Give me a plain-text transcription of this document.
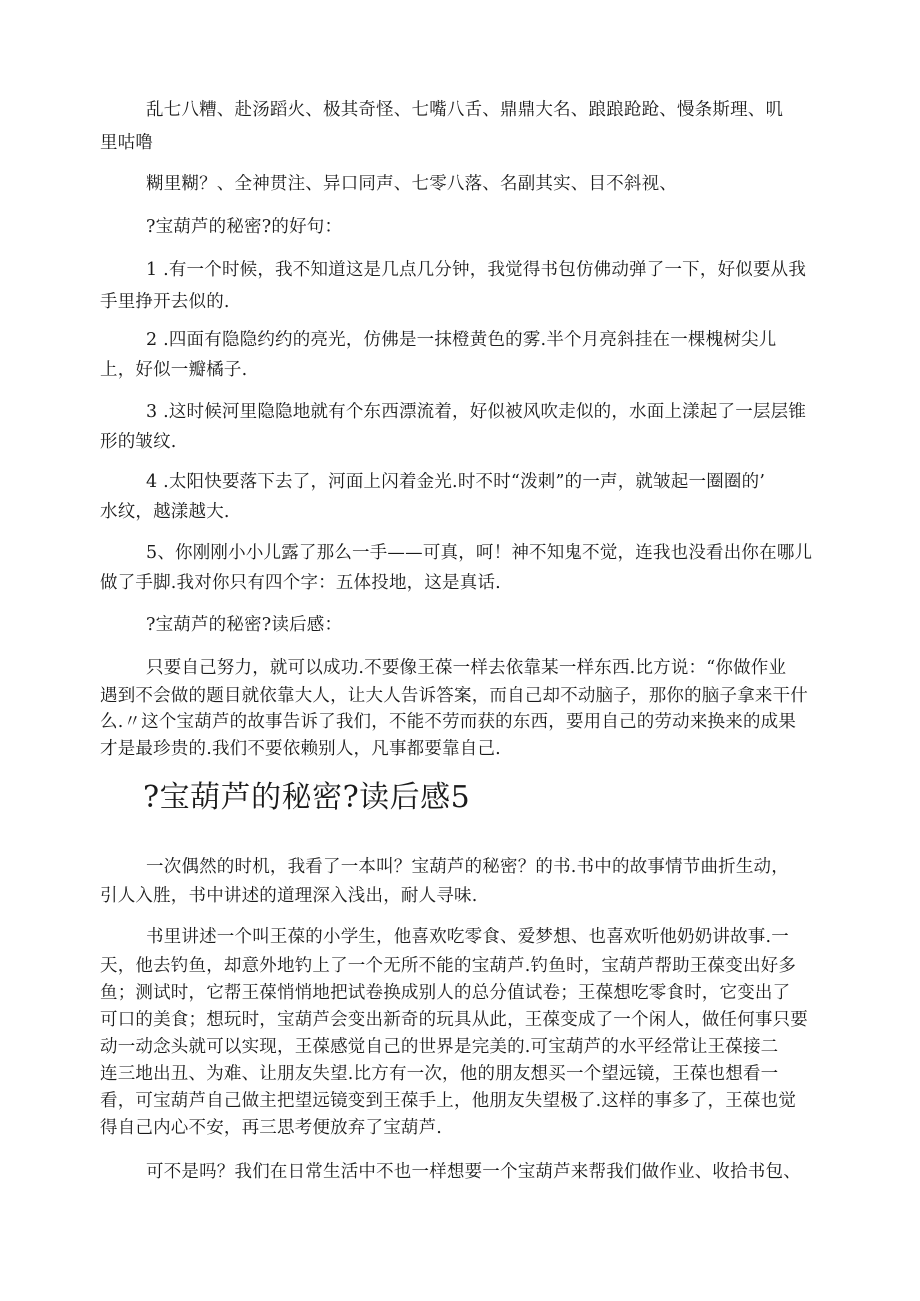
乱七八糟、赴汤蹈火、极其奇怪、七嘴八舌、鼎鼎大名、踉踉跄跄、慢条斯理、叽
里咕噜
糊里糊？、全神贯注、异口同声、七零八落、名副其实、目不斜视、
?宝葫芦的秘密?的好句：
1 .有一个时候，我不知道这是几点几分钟，我觉得书包仿佛动弹了一下，好似要从我
手里挣开去似的.
2 .四面有隐隐约约的亮光，仿佛是一抹橙黄色的雾.半个月亮斜挂在一棵槐树尖儿
上，好似一瓣橘子.
3 .这时候河里隐隐地就有个东西漂流着，好似被风吹走似的，水面上漾起了一层层锥
形的皱纹.
4 .太阳快要落下去了，河面上闪着金光.时不时“泼刺”的一声，就皱起一圈圈的’
水纹，越漾越大.
5、你刚刚小小儿露了那么一手——可真，呵！神不知鬼不觉，连我也没看出你在哪儿
做了手脚.我对你只有四个字：五体投地，这是真话.
?宝葫芦的秘密?读后感：
只要自己努力，就可以成功.不要像王葆一样去依靠某一样东西.比方说：“你做作业
遇到不会做的题目就依靠大人，让大人告诉答案，而自己却不动脑子，那你的脑子拿来干什
么.〃这个宝葫芦的故事告诉了我们，不能不劳而获的东西，要用自己的劳动来换来的成果
才是最珍贵的.我们不要依赖别人，凡事都要靠自己.
?宝葫芦的秘密?读后感5
一次偶然的时机，我看了一本叫？宝葫芦的秘密？的书.书中的故事情节曲折生动，
引人入胜，书中讲述的道理深入浅出，耐人寻味.
书里讲述一个叫王葆的小学生，他喜欢吃零食、爱梦想、也喜欢听他奶奶讲故事.一
天，他去钓鱼，却意外地钓上了一个无所不能的宝葫芦.钓鱼时，宝葫芦帮助王葆变出好多
鱼；测试时，它帮王葆悄悄地把试卷换成别人的总分值试卷；王葆想吃零食时，它变出了
可口的美食；想玩时，宝葫芦会变出新奇的玩具从此，王葆变成了一个闲人，做任何事只要
动一动念头就可以实现，王葆感觉自己的世界是完美的.可宝葫芦的水平经常让王葆接二
连三地出丑、为难、让朋友失望.比方有一次，他的朋友想买一个望远镜，王葆也想看一
看，可宝葫芦自己做主把望远镜变到王葆手上，他朋友失望极了.这样的事多了，王葆也觉
得自己内心不安，再三思考便放弃了宝葫芦.
可不是吗？我们在日常生活中不也一样想要一个宝葫芦来帮我们做作业、收拾书包、
